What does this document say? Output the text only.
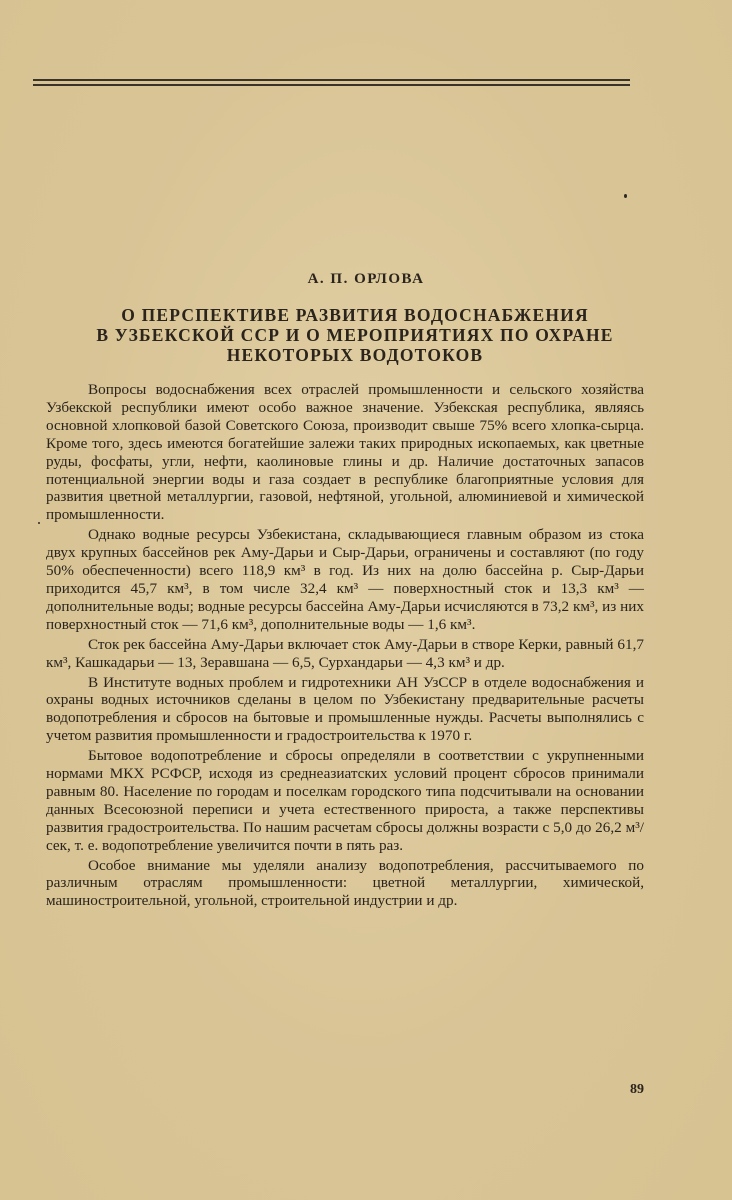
А. П. ОРЛОВА
О ПЕРСПЕКТИВЕ РАЗВИТИЯ ВОДОСНАБЖЕНИЯ
В УЗБЕКСКОЙ ССР И О МЕРОПРИЯТИЯХ ПО ОХРАНЕ
НЕКОТОРЫХ ВОДОТОКОВ

Вопросы водоснабжения всех отраслей промышленности и сельского хозяйства Узбекской республики имеют особо важное значение. Узбекская республика, являясь основной хлопковой базой Советского Союза, производит свыше 75% всего хлопка-сырца. Кроме того, здесь имеются богатейшие залежи таких природных ископаемых, как цветные руды, фосфаты, угли, нефти, каолиновые глины и др. Наличие достаточных запасов потенциальной энергии воды и газа создает в республике благоприятные условия для развития цветной металлургии, газовой, нефтяной, угольной, алюминиевой и химической промышленности.

Однако водные ресурсы Узбекистана, складывающиеся главным образом из стока двух крупных бассейнов рек Аму-Дарьи и Сыр-Дарьи, ограничены и составляют (по году 50% обеспеченности) всего 118,9 км³ в год. Из них на долю бассейна р. Сыр-Дарьи приходится 45,7 км³, в том числе 32,4 км³ — поверхностный сток и 13,3 км³ — дополнительные воды; водные ресурсы бассейна Аму-Дарьи исчисляются в 73,2 км³, из них поверхностный сток — 71,6 км³, дополнительные воды — 1,6 км³.

Сток рек бассейна Аму-Дарьи включает сток Аму-Дарьи в створе Керки, равный 61,7 км³, Кашкадарьи — 13, Зеравшана — 6,5, Сурхандарьи — 4,3 км³ и др.

В Институте водных проблем и гидротехники АН УзССР в отделе водоснабжения и охраны водных источников сделаны в целом по Узбекистану предварительные расчеты водопотребления и сбросов на бытовые и промышленные нужды. Расчеты выполнялись с учетом развития промышленности и градостроительства к 1970 г.

Бытовое водопотребление и сбросы определяли в соответствии с укрупненными нормами МКХ РСФСР, исходя из среднеазиатских условий процент сбросов принимали равным 80. Население по городам и поселкам городского типа подсчитывали на основании данных Всесоюзной переписи и учета естественного прироста, а также перспективы развития градостроительства. По нашим расчетам сбросы должны возрасти с 5,0 до 26,2 м³/сек, т. е. водопотребление увеличится почти в пять раз.

Особое внимание мы уделяли анализу водопотребления, рассчитываемого по различным отраслям промышленности: цветной металлургии, химической, машиностроительной, угольной, строительной индустрии и др.

89
